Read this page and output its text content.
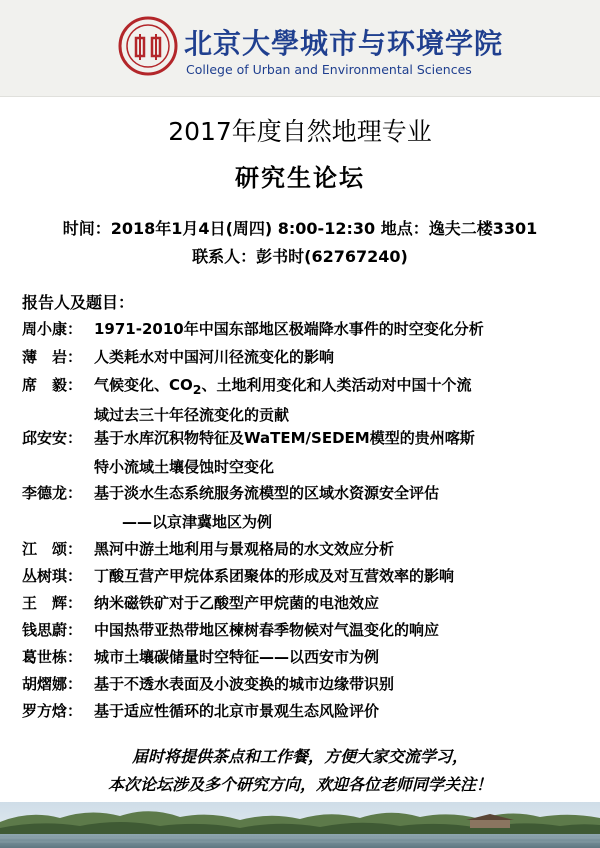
北京大學城市与环境学院
College of Urban and Environmental Sciences
2017年度自然地理专业
研究生论坛
时间：2018年1月4日(周四) 8:00-12:30 地点：逸夫二楼3301
联系人：彭书时(62767240)
报告人及题目：
周小康： 1971-2010年中国东部地区极端降水事件的时空变化分析
薄　岩： 人类耗水对中国河川径流变化的影响
席　毅： 气候变化、$CO_2$、土地利用变化和人类活动对中国十个流
域过去三十年径流变化的贡献
邱安安： 基于水库沉积物特征及WaTEM/SEDEM模型的贵州喀斯
特小流域土壤侵蚀时空变化
李德龙： 基于淡水生态系统服务流模型的区域水资源安全评估
——以京津冀地区为例
江　颂： 黑河中游土地利用与景观格局的水文效应分析
丛树琪： 丁酸互营产甲烷体系团聚体的形成及对互营效率的影响
王　辉： 纳米磁铁矿对于乙酸型产甲烷菌的电池效应
钱思蔚： 中国热带亚热带地区楝树春季物候对气温变化的响应
葛世栋： 城市土壤碳储量时空特征——以西安市为例
胡熠娜： 基于不透水表面及小波变换的城市边缘带识别
罗方焓： 基于适应性循环的北京市景观生态风险评价
届时将提供茶点和工作餐，方便大家交流学习，
本次论坛涉及多个研究方向，欢迎各位老师同学关注！
